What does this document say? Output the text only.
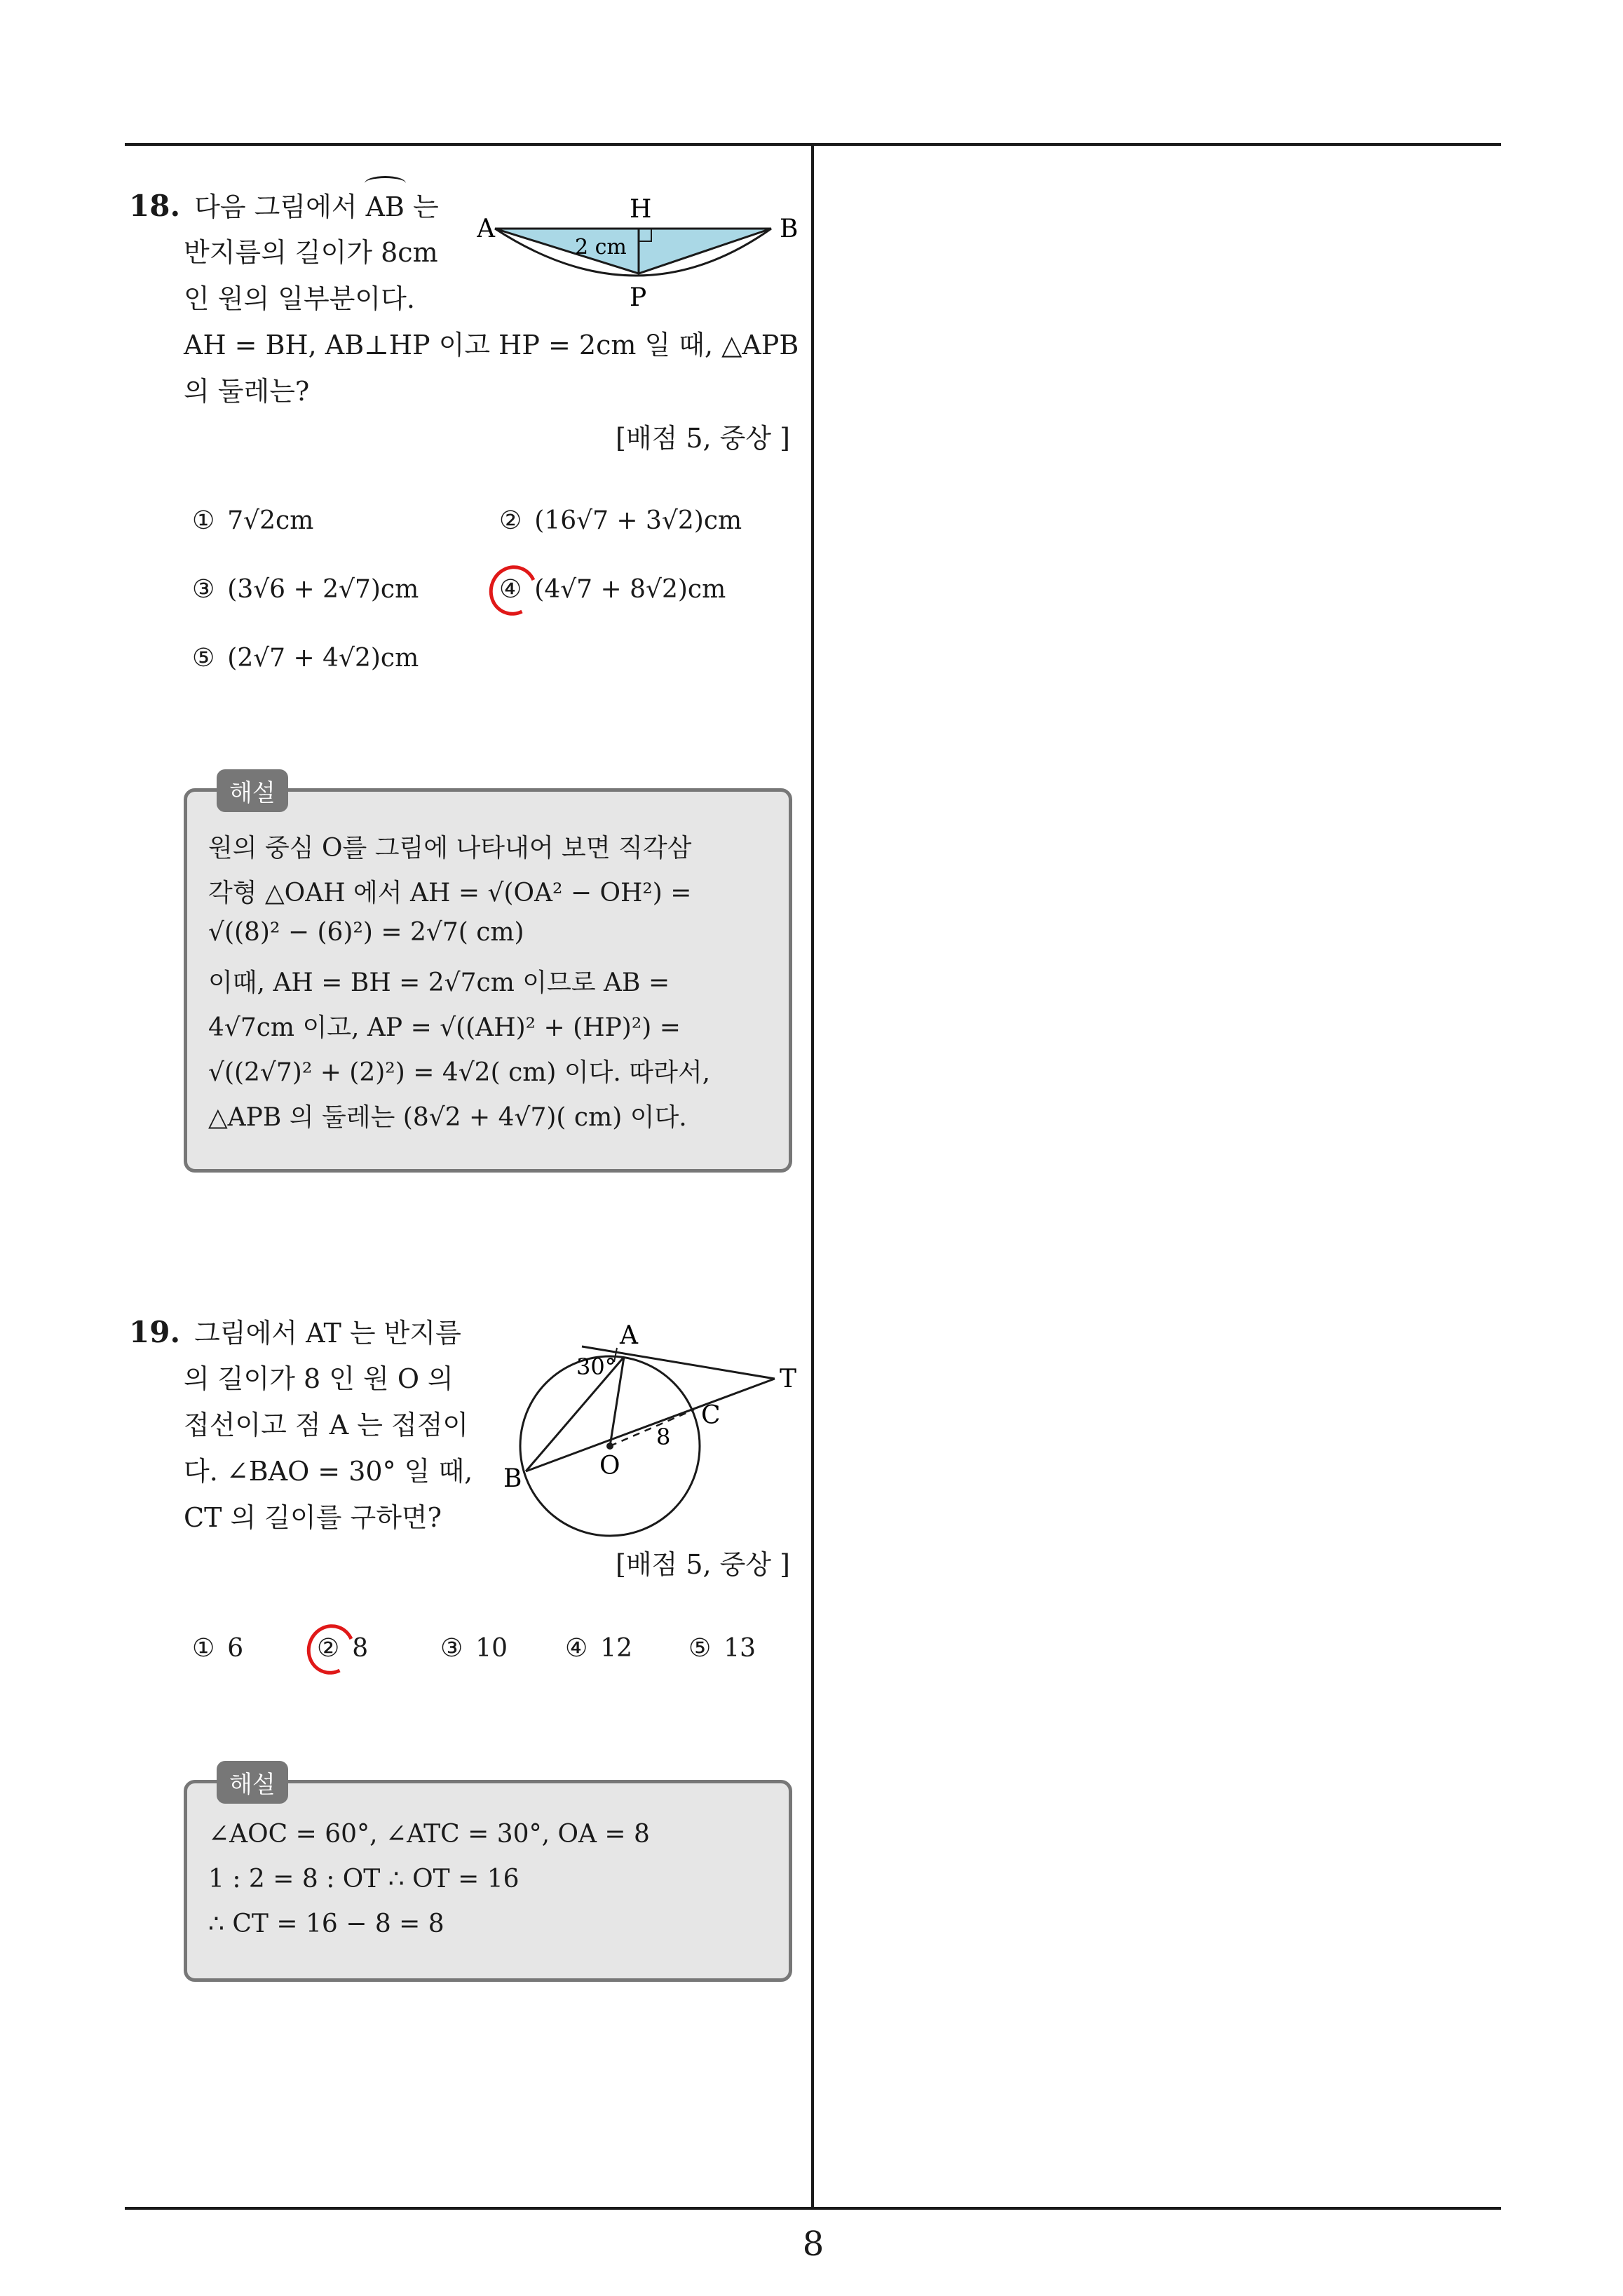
8
18. 다음 그림에서 AB 는
반지름의 길이가 8cm
인 원의 일부분이다.
AH = BH, AB⊥HP 이고 HP = 2cm 일 때, △APB
의 둘레는?
A	B
H
P
2 cm
[배점 5, 중상 ]
① 7√2cm	② (16√7 + 3√2)cm
③ (3√6 + 2√7)cm	④ (4√7 + 8√2)cm
⑤ (2√7 + 4√2)cm
해설
원의 중심 O를 그림에 나타내어 보면 직각삼
각형 △OAH 에서 AH = √(OA² − OH²) =
√((8)² − (6)²) = 2√7( cm)
이때, AH = BH = 2√7cm 이므로 AB =
4√7cm 이고, AP = √((AH)² + (HP)²) =
√((2√7)² + (2)²) = 4√2( cm) 이다. 따라서,
△APB 의 둘레는 (8√2 + 4√7)( cm) 이다.
19. 그림에서 AT 는 반지름
의 길이가 8 인 원 O 의
접선이고 점 A 는 접점이
다. ∠BAO = 30° 일 때,
CT 의 길이를 구하면?
A
T
C
O
B
30°
8
[배점 5, 중상 ]
① 6	② 8	③ 10 ④ 12 ⑤ 13
해설
∠AOC = 60°, ∠ATC = 30°, OA = 8
1 : 2 = 8 : OT ∴ OT = 16
∴ CT = 16 − 8 = 8
